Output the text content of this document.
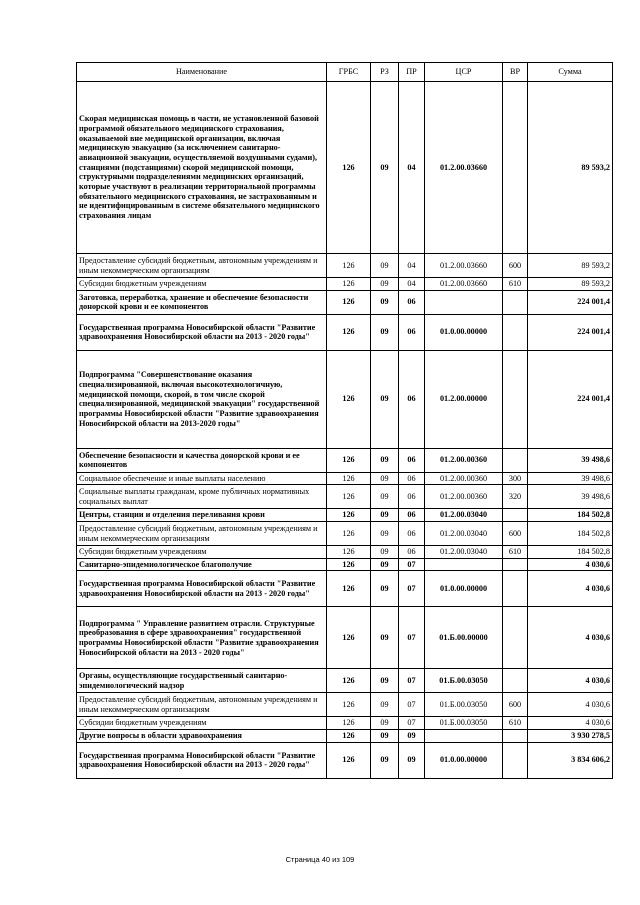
Наименование	ГРБС	РЗ	ПР	ЦСР	ВР	Сумма
Скорая медицинская помощь в части, не установленной базовой программой обязательного медицинского страхования, оказываемой вне медицинской организации, включая медицинскую эвакуацию (за исключением санитарно-авиационной эвакуации, осуществляемой воздушными судами), станциями (подстанциями) скорой медицинской помощи, структурными подразделениями медицинских организаций, которые участвуют в реализации территориальной программы обязательного медицинского страхования, не застрахованным и не идентифицированным в системе обязательного медицинского страхования лицам	126	09	04	01.2.00.03660		89 593,2
Предоставление субсидий бюджетным, автономным учреждениям и иным некоммерческим организациям	126	09	04	01.2.00.03660	600	89 593,2
Субсидии бюджетным учреждениям	126	09	04	01.2.00.03660	610	89 593,2
Заготовка, переработка, хранение и обеспечение безопасности донорской крови и ее компонентов	126	09	06			224 001,4
Государственная программа Новосибирской области "Развитие здравоохранения Новосибирской области на 2013 - 2020 годы"	126	09	06	01.0.00.00000		224 001,4
Подпрограмма "Совершенствование оказания специализированной, включая высокотехнологичную, медицинской помощи, скорой, в том числе скорой специализированной, медицинской эвакуации" государственной программы Новосибирской области "Развитие здравоохранения Новосибирской области на 2013-2020 годы"	126	09	06	01.2.00.00000		224 001,4
Обеспечение безопасности и качества донорской крови и ее компонентов	126	09	06	01.2.00.00360		39 498,6
Социальное обеспечение и иные выплаты населению	126	09	06	01.2.00.00360	300	39 498,6
Социальные выплаты гражданам, кроме публичных нормативных социальных выплат	126	09	06	01.2.00.00360	320	39 498,6
Центры, станции и отделения переливания крови	126	09	06	01.2.00.03040		184 502,8
Предоставление субсидий бюджетным, автономным учреждениям и иным некоммерческим организациям	126	09	06	01.2.00.03040	600	184 502,8
Субсидии бюджетным учреждениям	126	09	06	01.2.00.03040	610	184 502,8
Санитарно-эпидемиологическое благополучие	126	09	07			4 030,6
Государственная программа Новосибирской области "Развитие здравоохранения Новосибирской области на 2013 - 2020 годы"	126	09	07	01.0.00.00000		4 030,6
Подпрограмма " Управление развитием отрасли. Структурные преобразования в сфере здравоохранения" государственной программы Новосибирской области "Развитие здравоохранения Новосибирской области на 2013 - 2020 годы"	126	09	07	01.Б.00.00000		4 030,6
Органы, осуществляющие государственный санитарно-эпидемиологический надзор	126	09	07	01.Б.00.03050		4 030,6
Предоставление субсидий бюджетным, автономным учреждениям и иным некоммерческим организациям	126	09	07	01.Б.00.03050	600	4 030,6
Субсидии бюджетным учреждениям	126	09	07	01.Б.00.03050	610	4 030,6
Другие вопросы в области здравоохранения	126	09	09			3 930 278,5
Государственная программа Новосибирской области "Развитие здравоохранения Новосибирской области на 2013 - 2020 годы"	126	09	09	01.0.00.00000		3 834 606,2
Страница 40 из 109
